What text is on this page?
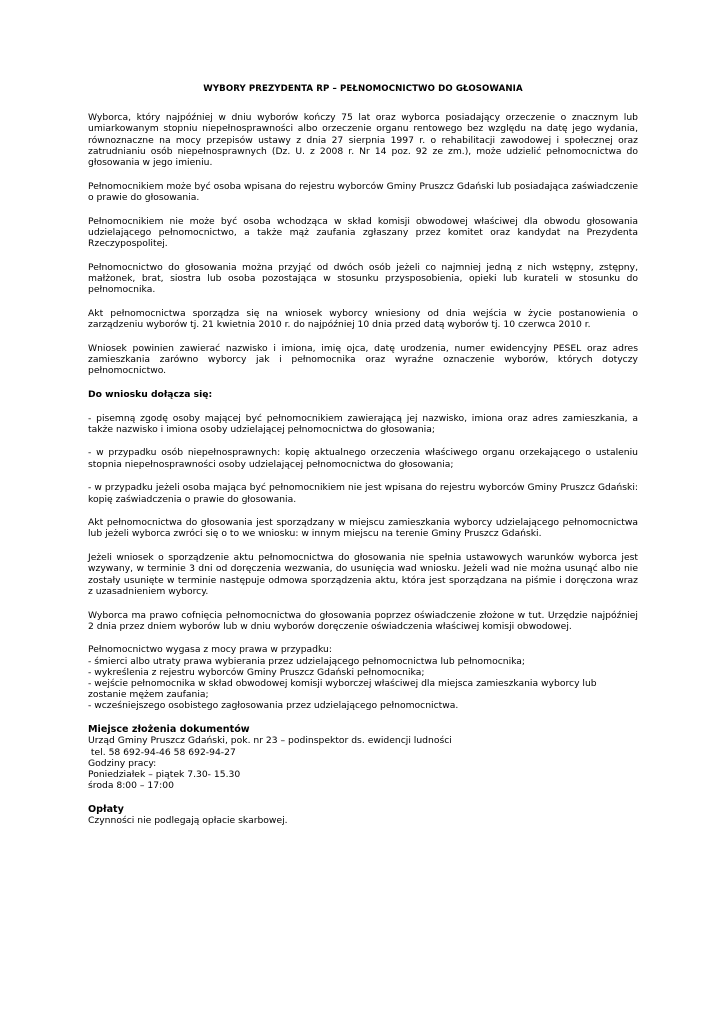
WYBORY PREZYDENTA RP – PEŁNOMOCNICTWO DO GŁOSOWANIA

Wyborca, który najpóźniej w dniu wyborów kończy 75 lat oraz wyborca posiadający orzeczenie o znacznym lub umiarkowanym stopniu niepełnosprawności albo orzeczenie organu rentowego bez względu na datę jego wydania, równoznaczne na mocy przepisów ustawy z dnia 27 sierpnia 1997 r. o rehabilitacji zawodowej i społecznej oraz zatrudnianiu osób niepełnosprawnych (Dz. U. z 2008 r. Nr 14 poz. 92 ze zm.), może udzielić pełnomocnictwa do głosowania w jego imieniu.

Pełnomocnikiem może być osoba wpisana do rejestru wyborców Gminy Pruszcz Gdański lub posiadająca zaświadczenie o prawie do głosowania.

Pełnomocnikiem nie może być osoba wchodząca w skład komisji obwodowej właściwej dla obwodu głosowania udzielającego pełnomocnictwo, a także mąż zaufania zgłaszany przez komitet oraz kandydat na Prezydenta Rzeczypospolitej.

Pełnomocnictwo do głosowania można przyjąć od dwóch osób jeżeli co najmniej jedną z nich wstępny, zstępny, małżonek, brat, siostra lub osoba pozostająca w stosunku przysposobienia, opieki lub kurateli w stosunku do pełnomocnika.

Akt pełnomocnictwa sporządza się na wniosek wyborcy wniesiony od dnia wejścia w życie postanowienia o zarządzeniu wyborów tj. 21 kwietnia 2010 r. do najpóźniej 10 dnia przed datą wyborów tj. 10 czerwca 2010 r.

Wniosek powinien zawierać nazwisko i imiona, imię ojca, datę urodzenia, numer ewidencyjny PESEL oraz adres zamieszkania zarówno wyborcy jak i pełnomocnika oraz wyraźne oznaczenie wyborów, których dotyczy pełnomocnictwo.

Do wniosku dołącza się:

- pisemną zgodę osoby mającej być pełnomocnikiem zawierającą jej nazwisko, imiona oraz adres zamieszkania, a także nazwisko i imiona osoby udzielającej pełnomocnictwa do głosowania;

- w przypadku osób niepełnosprawnych: kopię aktualnego orzeczenia właściwego organu orzekającego o ustaleniu stopnia niepełnosprawności osoby udzielającej pełnomocnictwa do głosowania;

- w przypadku jeżeli osoba mająca być pełnomocnikiem nie jest wpisana do rejestru wyborców Gminy Pruszcz Gdański: kopię zaświadczenia o prawie do głosowania.

Akt pełnomocnictwa do głosowania jest sporządzany w miejscu zamieszkania wyborcy udzielającego pełnomocnictwa lub jeżeli wyborca zwróci się o to we wniosku: w innym miejscu na terenie Gminy Pruszcz Gdański.

Jeżeli wniosek o sporządzenie aktu pełnomocnictwa do głosowania nie spełnia ustawowych warunków wyborca jest wzywany, w terminie 3 dni od doręczenia wezwania, do usunięcia wad wniosku. Jeżeli wad nie można usunąć albo nie zostały usunięte w terminie następuje odmowa sporządzenia aktu, która jest sporządzana na piśmie i doręczona wraz z uzasadnieniem wyborcy.

Wyborca ma prawo cofnięcia pełnomocnictwa do głosowania poprzez oświadczenie złożone w tut. Urzędzie najpóźniej 2 dnia przez dniem wyborów lub w dniu wyborów doręczenie oświadczenia właściwej komisji obwodowej.

Pełnomocnictwo wygasa z mocy prawa w przypadku:
- śmierci albo utraty prawa wybierania przez udzielającego pełnomocnictwa lub pełnomocnika;
- wykreślenia z rejestru wyborców Gminy Pruszcz Gdański pełnomocnika;
- wejście pełnomocnika w skład obwodowej komisji wyborczej właściwej dla miejsca zamieszkania wyborcy lub zostanie mężem zaufania;
- wcześniejszego osobistego zagłosowania przez udzielającego pełnomocnictwa.
Miejsce złożenia dokumentów
Urząd Gminy Pruszcz Gdański, pok. nr 23 – podinspektor ds. ewidencji ludności
tel. 58 692-94-46 58 692-94-27
Godziny pracy:
Poniedziałek – piątek 7.30- 15.30
środa 8:00 – 17:00
Opłaty
Czynności nie podlegają opłacie skarbowej.
